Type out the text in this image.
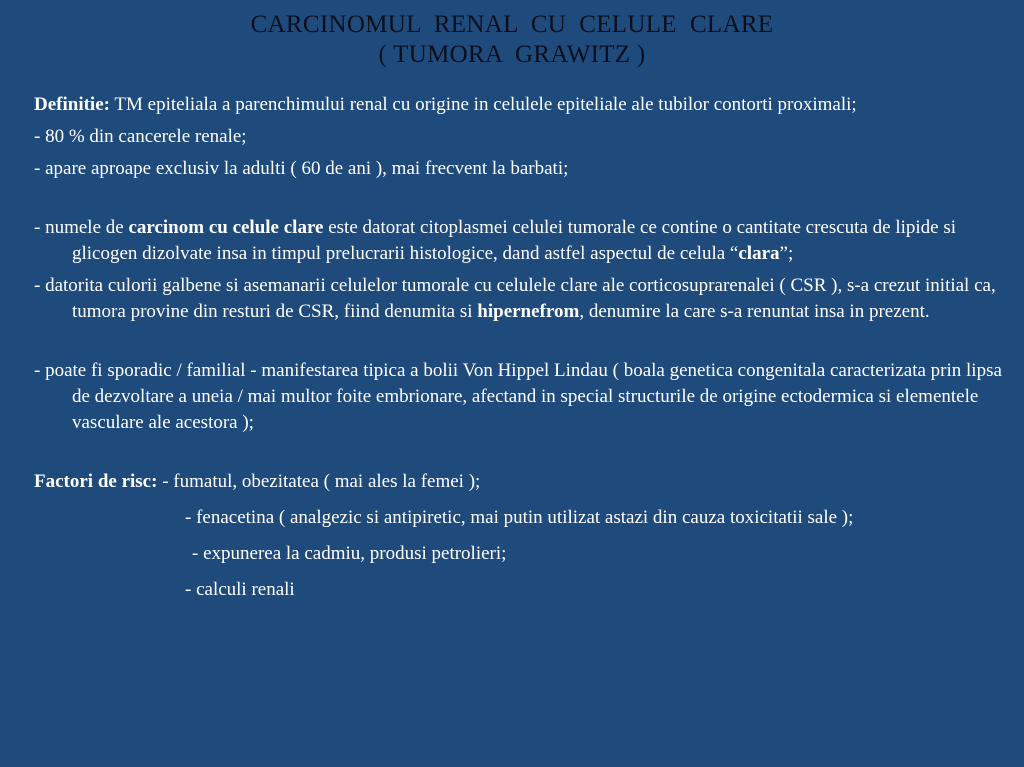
CARCINOMUL  RENAL  CU  CELULE  CLARE
( TUMORA  GRAWITZ )

Definitie: TM epiteliala a parenchimului renal cu origine in celulele epiteliale ale tubilor contorti proximali;

- 80 % din cancerele renale;

- apare aproape exclusiv la adulti ( 60 de ani ), mai frecvent la barbati;

- numele de carcinom cu celule clare este datorat citoplasmei celulei tumorale ce contine o cantitate crescuta de lipide si glicogen dizolvate insa in timpul prelucrarii histologice, dand astfel aspectul de celula “clara”;

- datorita culorii galbene si asemanarii celulelor tumorale cu celulele clare ale corticosuprarenalei ( CSR ), s-a crezut initial ca, tumora provine din resturi de CSR, fiind denumita si hipernefrom, denumire la care s-a renuntat insa in prezent.

- poate fi sporadic / familial - manifestarea tipica a bolii Von Hippel Lindau ( boala genetica congenitala caracterizata prin lipsa de dezvoltare a uneia / mai multor foite embrionare, afectand in special structurile de origine ectodermica si elementele vasculare ale acestora );

Factori de risc: - fumatul, obezitatea ( mai ales la femei );
- fenacetina ( analgezic si antipiretic, mai putin utilizat astazi din cauza toxicitatii sale );
- expunerea la cadmiu, produsi petrolieri;
- calculi renali
